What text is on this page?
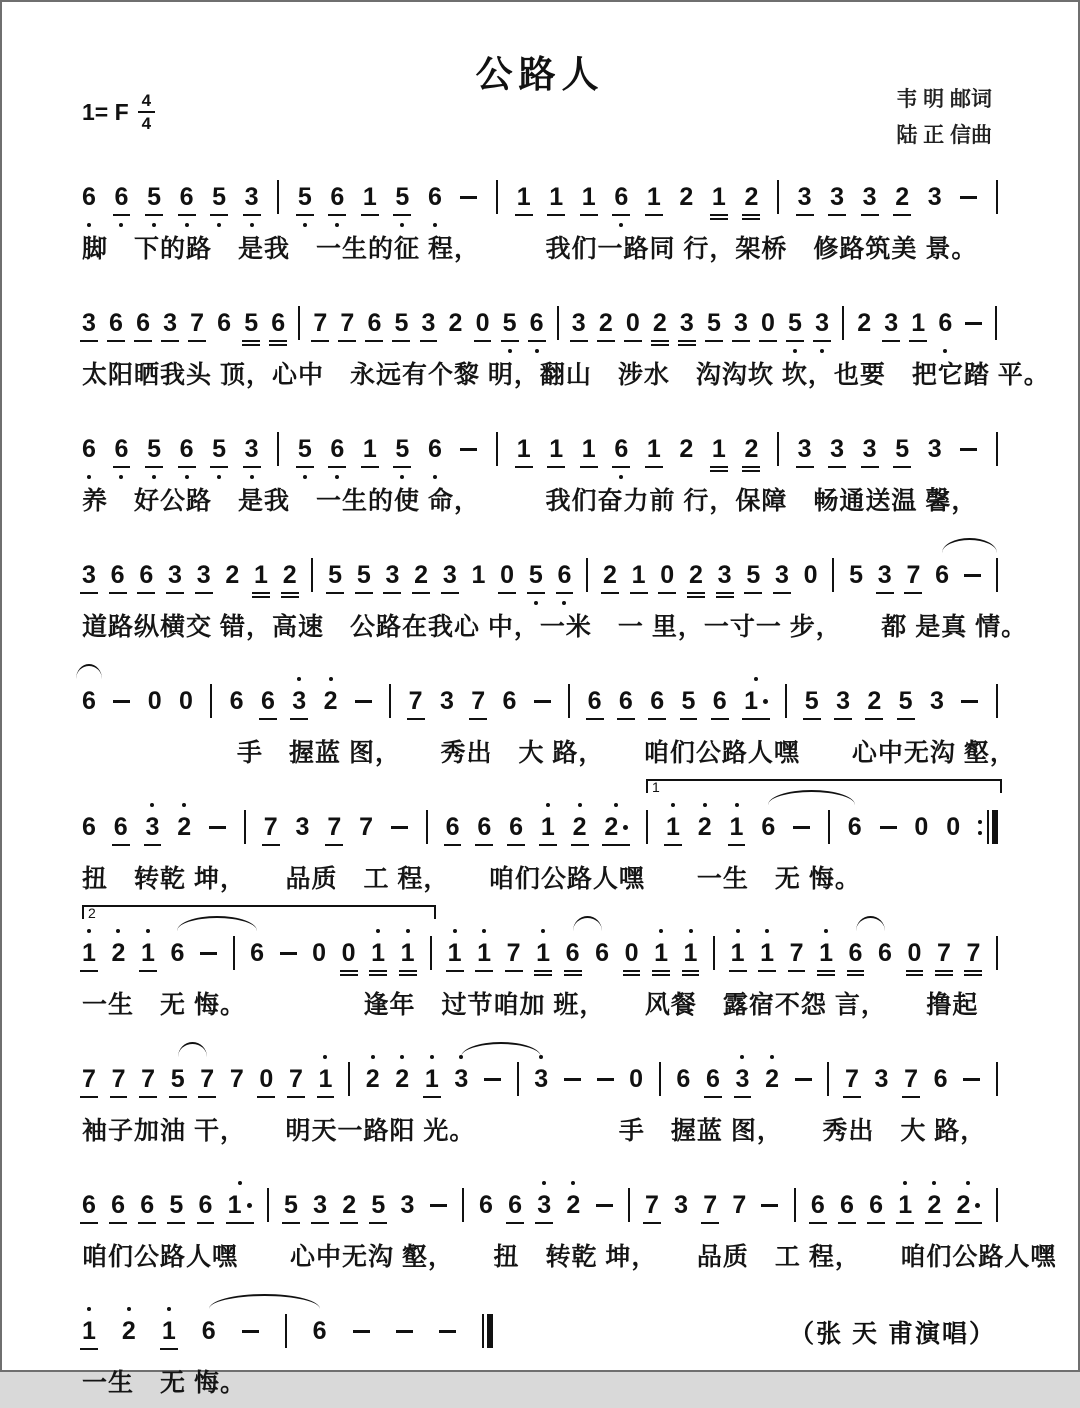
公路人
1= F $\frac{4}{4}$	韦 明 邮词
陆 正 信曲
6 6 5 6 5 3 5 6 1 5 6	1 1 1 6 1 2 1 2 3 3 3 2 3
脚　下的路　是我　一生的征 程，　　　我们一路同 行，架桥　修路筑美 景。
3 6 6 3 7 6 5 6 7 7 6 5 3 2 0 5 6 3 2 0 2 3 5 3 0 5 3 2 3 1 6
太阳晒我头 顶，心中　永远有个黎 明，翻山　涉水　沟沟坎 坎，也要　把它踏 平。
6 6 5 6 5 3 5 6 1 5 6	1 1 1 6 1 2 1 2 3 3 3 5 3
养　好公路　是我　一生的使 命，　　　我们奋力前 行，保障　畅通送温 馨，
3 6 6 3 3 2 1 2 5 5 3 2 3 1 0 5 6 2 1 0 2 3 5 3 0 5 3 7 6
道路纵横交 错，高速　公路在我心 中，一米　一 里，一寸一 步，　　都 是真 情。
6 0 0 6 6 3 2	7 3 7 6	6 6 6 5 6 1 5 3 2 5 3
手　握蓝 图，　　秀出　大 路，　　咱们公路人嘿　　心中无沟 壑，
6 6 3 2	7 3 7 7	6 6 6 1 2 2 1 2 1 6	6 0 0
1
扭　转乾 坤，　　品质　工 程，　　咱们公路人嘿　　一生　无 悔。
1 2 1 6	6 0 0 1 1 1 1 7 1 6 6 0 1 1 1 1 7 1 6 6 0 7 7
2
一生　无 悔。　　　　　逢年　过节咱加 班，　　风餐　露宿不怨 言，　　撸起
7 7 7 5 7 7 0 7 1 2 2 1 3	3	0 6 6 3 2	7 3 7 6
袖子加油 干，　　明天一路阳 光。　　　　　　手　握蓝 图，　　秀出　大 路，
6 6 6 5 6 1 5 3 2 5 3	6 6 3 2	7 3 7 7	6 6 6 1 2 2
咱们公路人嘿　　心中无沟 壑，　　扭　转乾 坤，　　品质　工 程，　　咱们公路人嘿
1 2 1 6	6
一生　无 悔。
（张 天 甫演唱）
